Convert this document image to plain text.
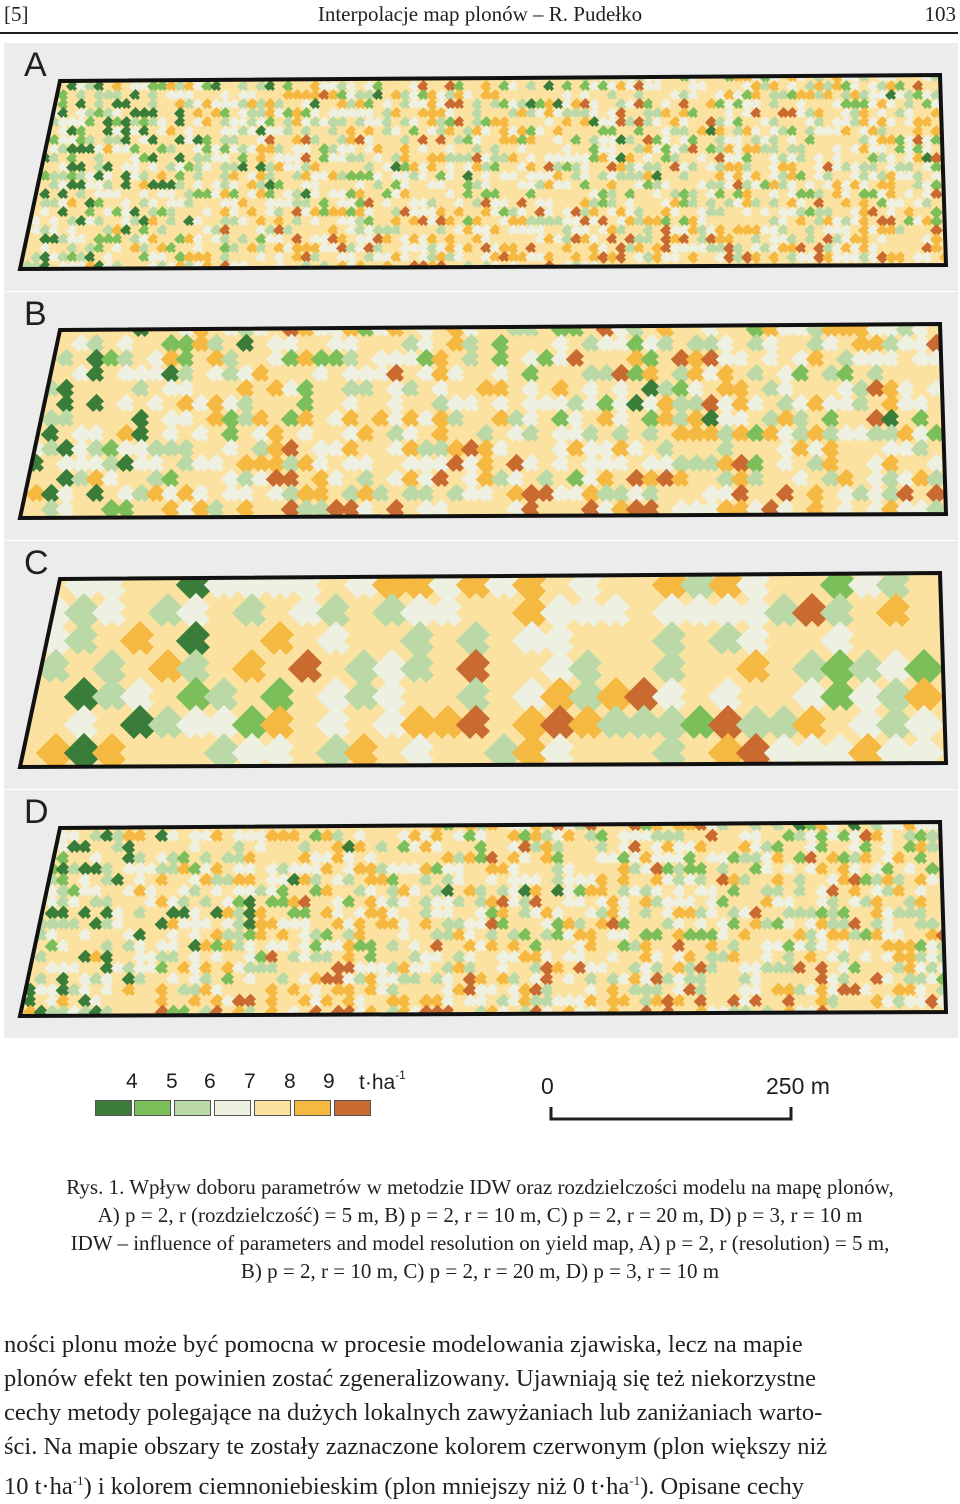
[5]	Interpolacje map plonów – R. Pudełko	103
A
B
C
D
4 5 6 7 8 9 $t\cdot ha^{-1}$	0	250 m
Rys. 1. Wpływ doboru parametrów w metodzie IDW oraz rozdzielczości modelu na mapę plonów,
A) p = 2, r (rozdzielczość) = 5 m, B) p = 2, r = 10 m, C) p = 2, r = 20 m, D) p = 3, r = 10 m
IDW – influence of parameters and model resolution on yield map, A) p = 2, r (resolution) = 5 m,
B) p = 2, r = 10 m, C) p = 2, r = 20 m, D) p = 3, r = 10 m
ności plonu może być pomocna w procesie modelowania zjawiska, lecz na mapie
plonów efekt ten powinien zostać zgeneralizowany. Ujawniają się też niekorzystne
cechy metody polegające na dużych lokalnych zawyżaniach lub zaniżaniach warto-
ści. Na mapie obszary te zostały zaznaczone kolorem czerwonym (plon większy niż
10 $t\cdot ha^{-1}$) i kolorem ciemnoniebieskim (plon mniejszy niż 0 $t\cdot ha^{-1}$). Opisane cechy
